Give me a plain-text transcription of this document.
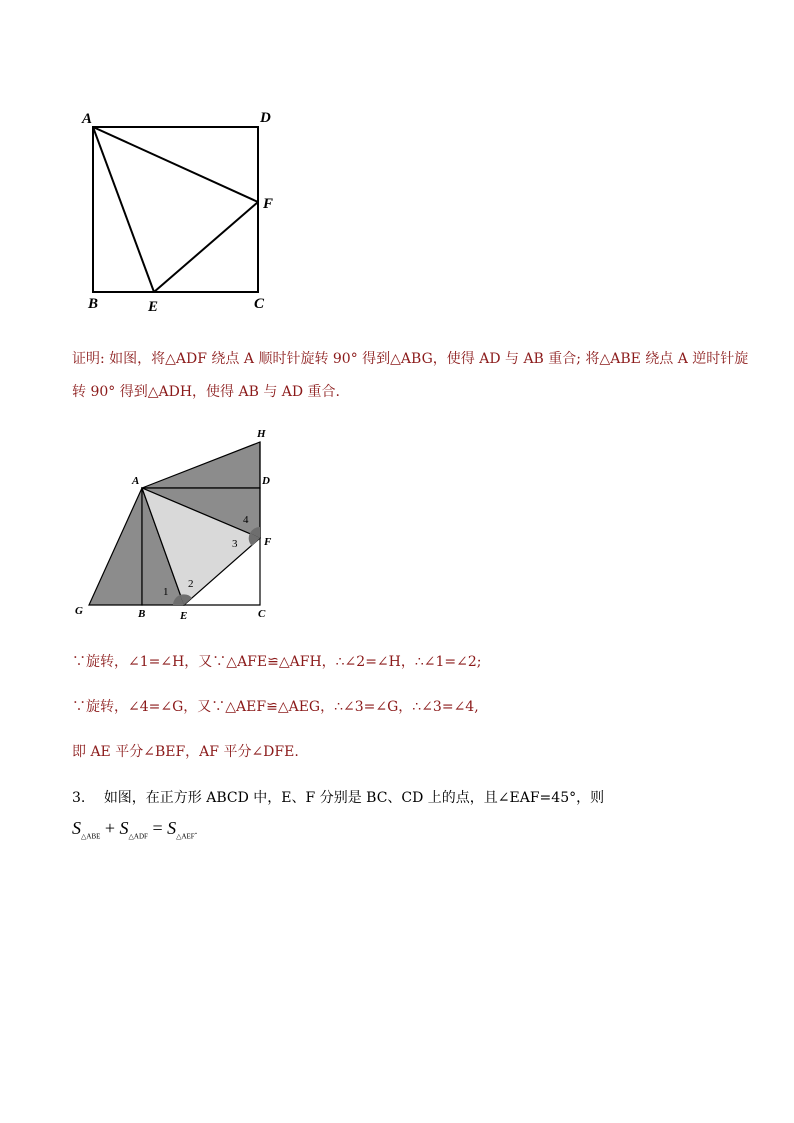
A	D
F
B	E	C
证明: 如图，将△ADF 绕点 A 顺时针旋转 90° 得到△ABG，使得 AD 与 AB 重合; 将△ABE 绕点 A 逆时针旋
转 90° 得到△ADH，使得 AB 与 AD 重合.
H
A	D
F
G	B	E	C
1
2
3
4
∵旋转，∠1=∠H，又∵△AFE≌△AFH，∴∠2=∠H，∴∠1=∠2;
∵旋转，∠4=∠G，又∵△AEF≌△AEG，∴∠3=∠G，∴∠3=∠4,
即 AE 平分∠BEF，AF 平分∠DFE.
3. 如图，在正方形 ABCD 中，E、F 分别是 BC、CD 上的点，且∠EAF=45°，则
$S_{\triangle ABE} + S_{\triangle ADF} = S_{\triangle AEF}$.
